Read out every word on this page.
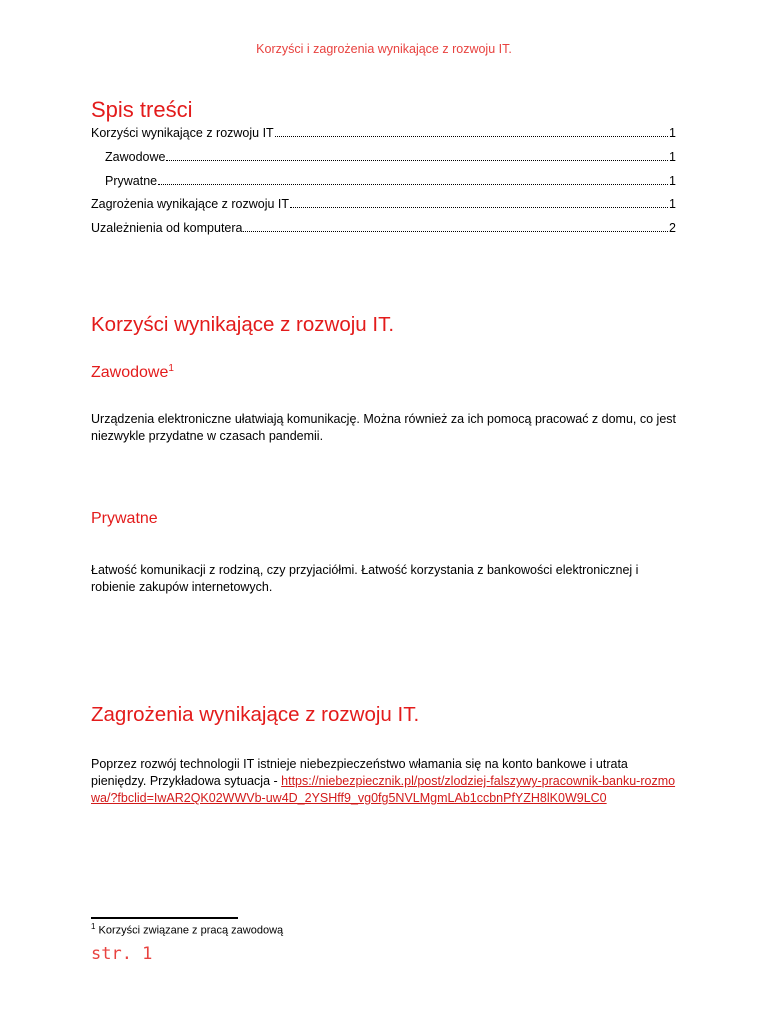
Korzyści i zagrożenia wynikające z rozwoju IT.
Spis treści
Korzyści wynikające z rozwoju IT	1
Zawodowe	1
Prywatne	1
Zagrożenia wynikające z rozwoju IT	1
Uzależnienia od komputera	2
Korzyści wynikające z rozwoju IT.
Zawodowe$^1$

Urządzenia elektroniczne ułatwiają komunikację. Można również za ich pomocą pracować z domu, co jest niezwykle przydatne w czasach pandemii.

Prywatne

Łatwość komunikacji z rodziną, czy przyjaciółmi. Łatwość korzystania z bankowości elektronicznej i robienie zakupów internetowych.

Zagrożenia wynikające z rozwoju IT.

Poprzez rozwój technologii IT istnieje niebezpieczeństwo włamania się na konto bankowe i utrata pieniędzy. Przykładowa sytuacja - https://niebezpiecznik.pl/post/zlodziej-falszywy-pracownik-banku-rozmowa/?fbclid=IwAR2QK02WWVb-uw4D_2YSHff9_vg0fg5NVLMgmLAb1ccbnPfYZH8lK0W9LC0

$^1$ Korzyści związane z pracą zawodową
str. 1
